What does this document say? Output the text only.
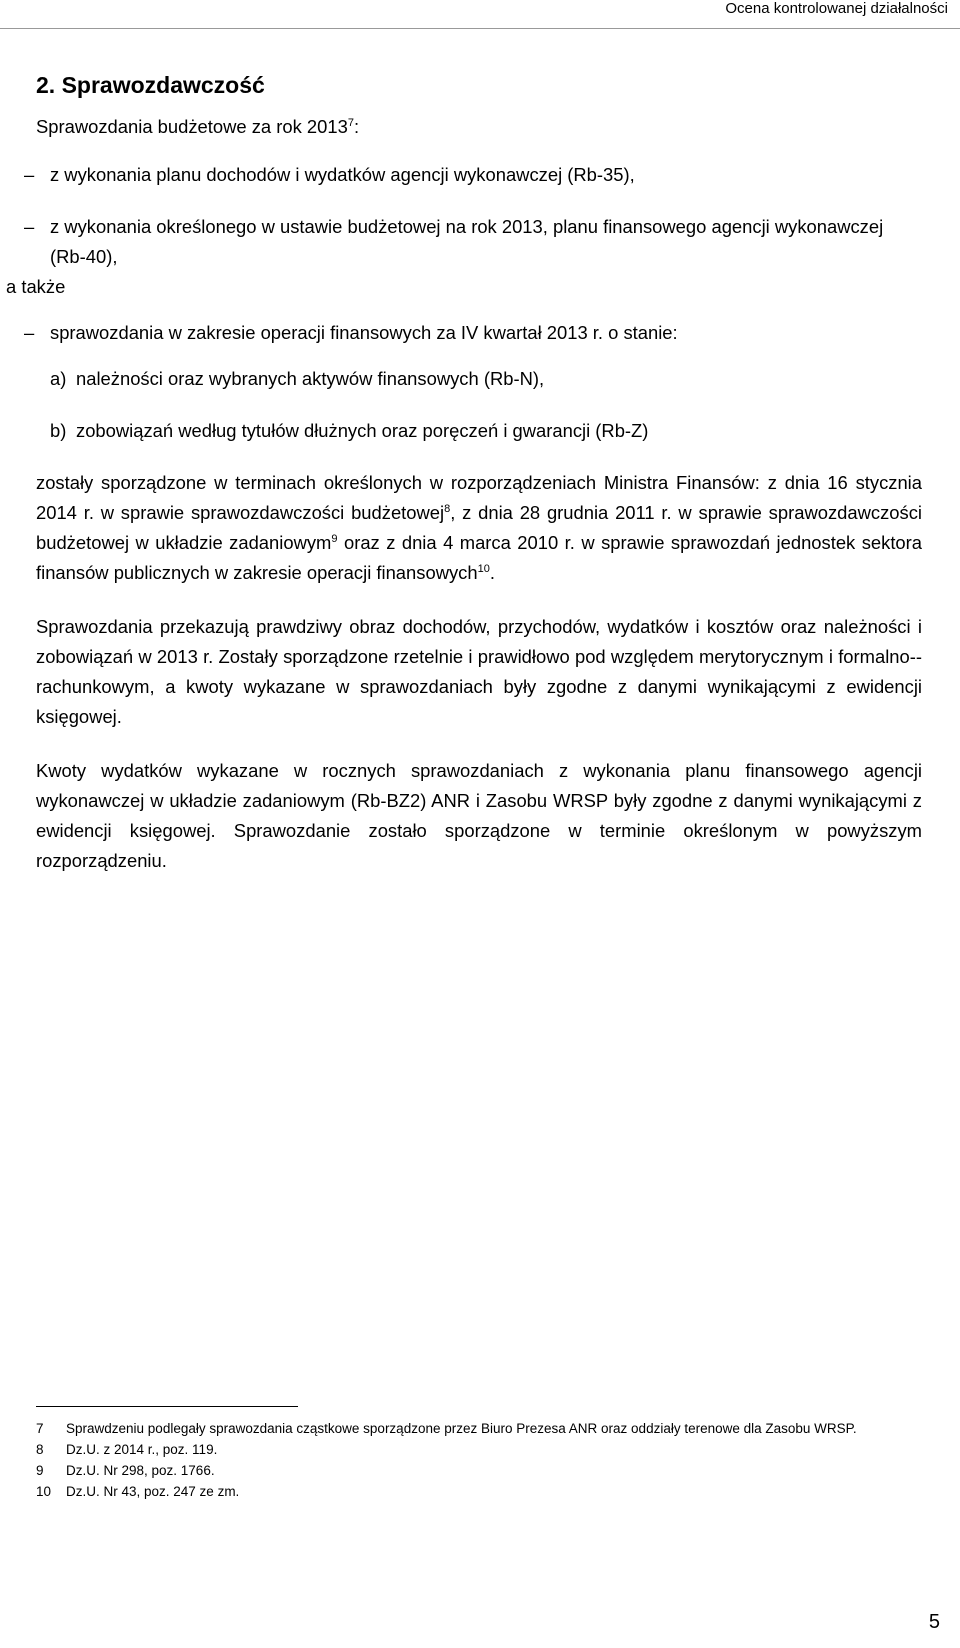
Ocena kontrolowanej działalności
2. Sprawozdawczość

Sprawozdania budżetowe za rok 2013$^7$:

– z wykonania planu dochodów i wydatków agencji wykonawczej (Rb-35),
– z wykonania określonego w ustawie budżetowej na rok 2013, planu finansowego agencji wykonawczej (Rb-40),

a także

– sprawozdania w zakresie operacji finansowych za IV kwartał 2013 r. o stanie:
a) należności oraz wybranych aktywów finansowych (Rb-N),
b) zobowiązań według tytułów dłużnych oraz poręczeń i gwarancji (Rb-Z)

zostały sporządzone w terminach określonych w rozporządzeniach Ministra Finansów: z dnia 16 stycznia 2014 r. w sprawie sprawozdawczości budżetowej$^8$, z dnia 28 grudnia 2011 r. w sprawie sprawozdawczości budżetowej w układzie zadaniowym$^9$ oraz z dnia 4 marca 2010 r. w sprawie sprawozdań jednostek sektora finansów publicznych w zakresie operacji finansowych$^{10}$.

Sprawozdania przekazują prawdziwy obraz dochodów, przychodów, wydatków i kosztów oraz należności i zobowiązań w 2013 r. Zostały sporządzone rzetelnie i prawidłowo pod względem merytorycznym i formalno--rachunkowym, a kwoty wykazane w sprawozdaniach były zgodne z danymi wynikającymi z ewidencji księgowej.

Kwoty wydatków wykazane w rocznych sprawozdaniach z wykonania planu finansowego agencji wykonawczej w układzie zadaniowym (Rb-BZ2) ANR i Zasobu WRSP były zgodne z danymi wynikającymi z ewidencji księgowej. Sprawozdanie zostało sporządzone w terminie określonym w powyższym rozporządzeniu.

7	Sprawdzeniu podlegały sprawozdania cząstkowe sporządzone przez Biuro Prezesa ANR oraz oddziały terenowe dla Zasobu WRSP.
8	Dz.U. z 2014 r., poz. 119.
9	Dz.U. Nr 298, poz. 1766.
10	Dz.U. Nr 43, poz. 247 ze zm.
5
